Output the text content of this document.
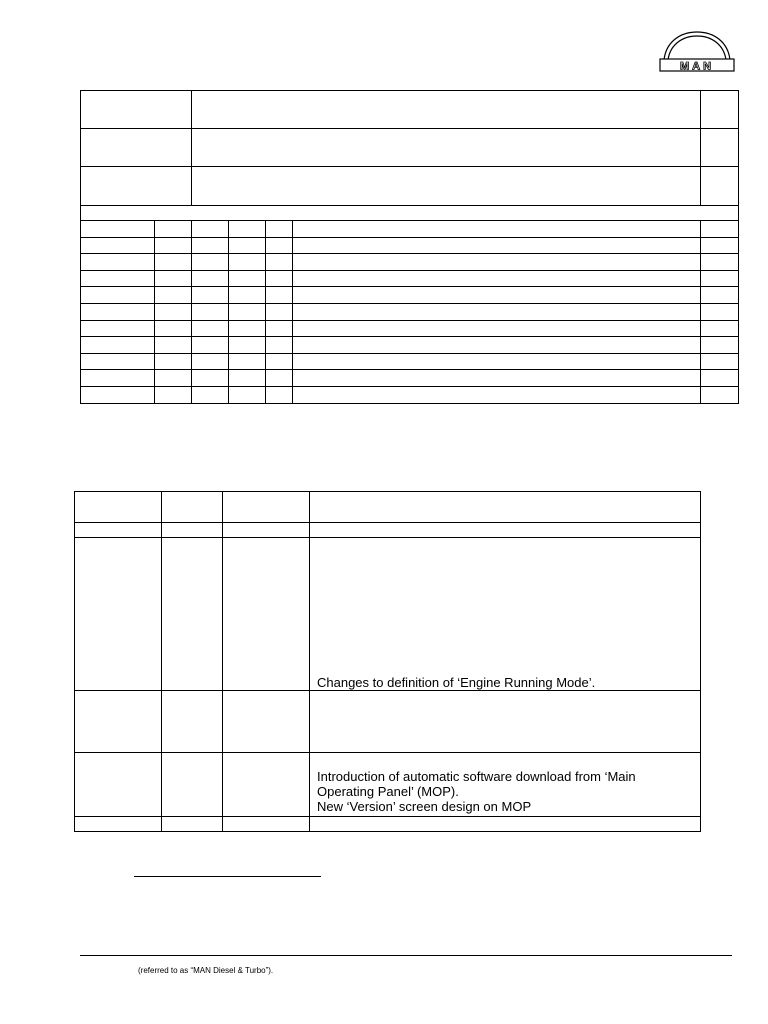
MAN

			Changes to definition of ‘Engine Running Mode’.

			Introduction of automatic software download from ‘Main
Operating Panel’ (MOP).
New ‘Version’ screen design on MOP

(referred to as “MAN Diesel & Turbo”).
